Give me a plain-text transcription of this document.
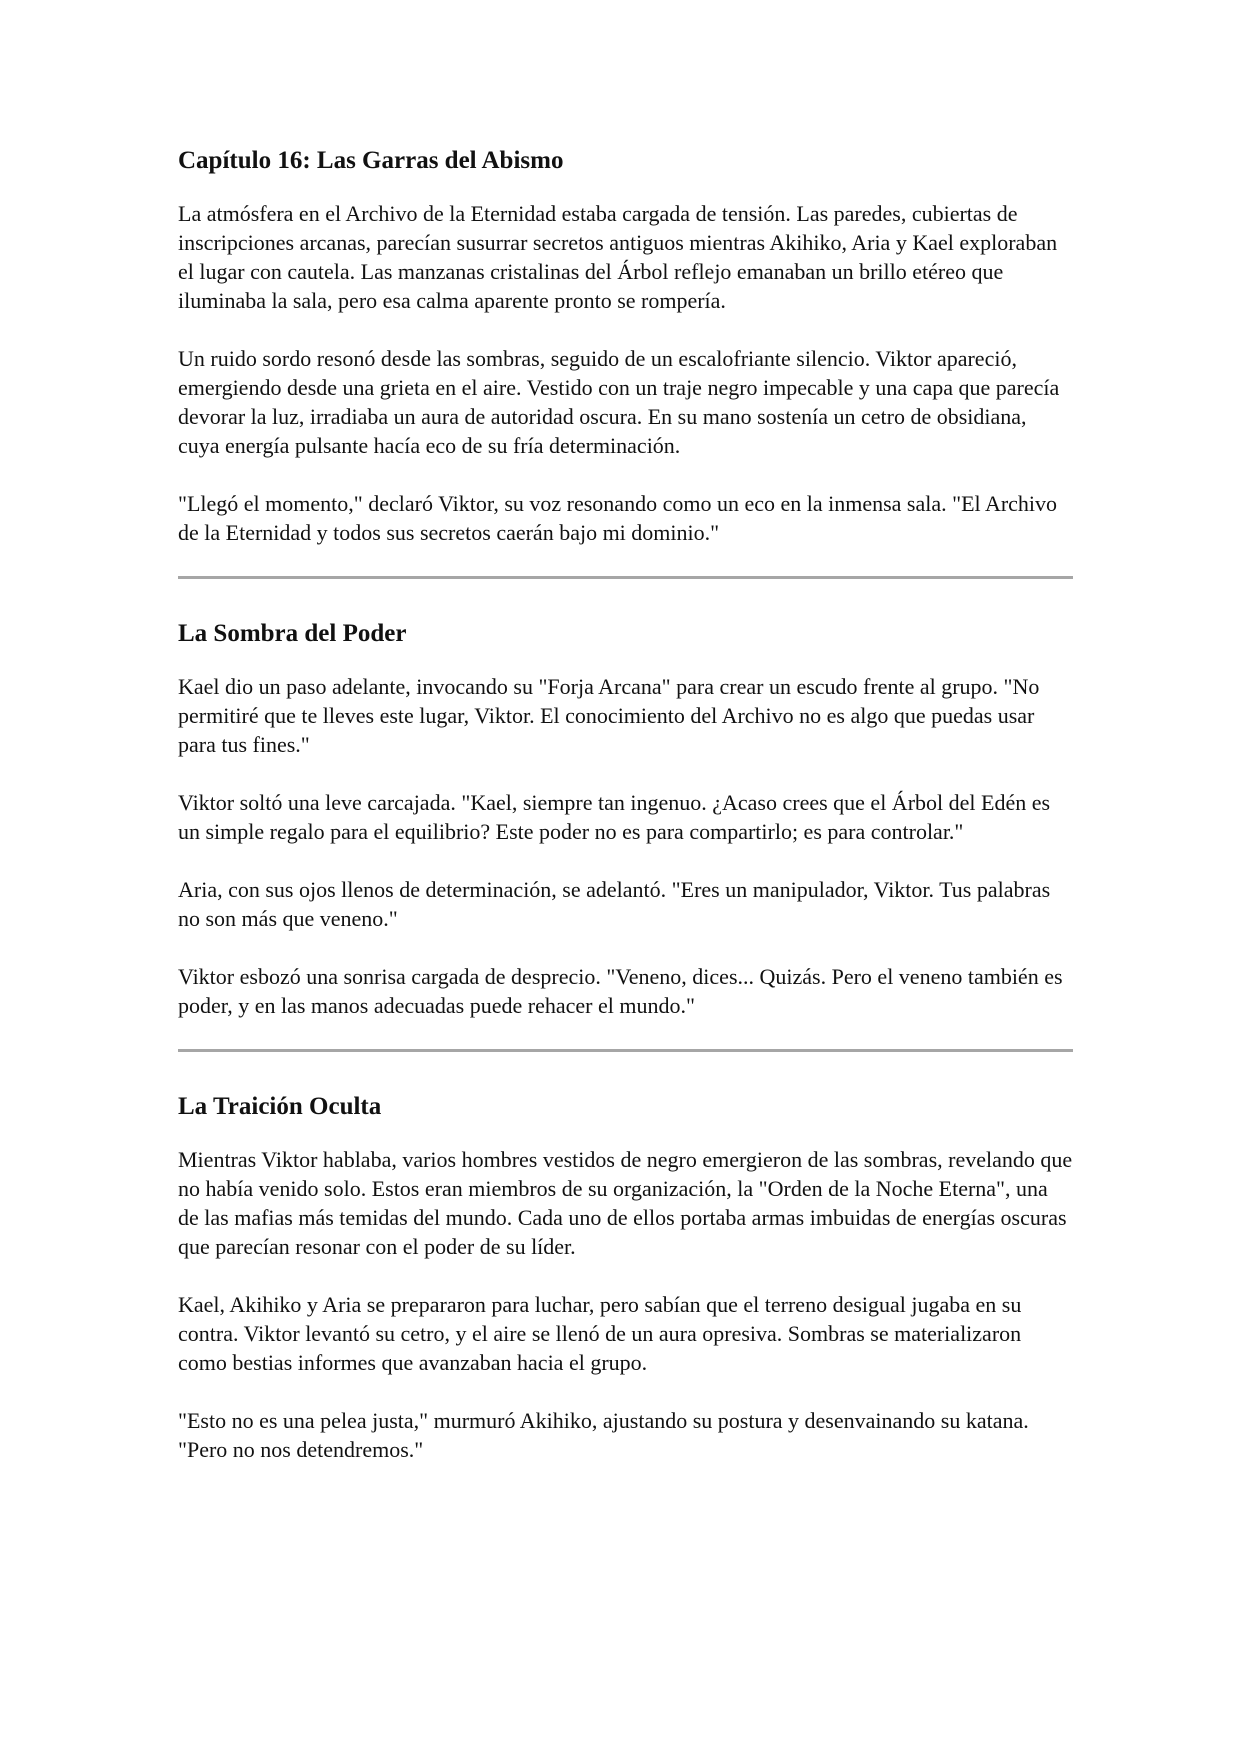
Capítulo 16: Las Garras del Abismo

La atmósfera en el Archivo de la Eternidad estaba cargada de tensión. Las paredes, cubiertas de inscripciones arcanas, parecían susurrar secretos antiguos mientras Akihiko, Aria y Kael exploraban el lugar con cautela. Las manzanas cristalinas del Árbol reflejo emanaban un brillo etéreo que iluminaba la sala, pero esa calma aparente pronto se rompería.

Un ruido sordo resonó desde las sombras, seguido de un escalofriante silencio. Viktor apareció, emergiendo desde una grieta en el aire. Vestido con un traje negro impecable y una capa que parecía devorar la luz, irradiaba un aura de autoridad oscura. En su mano sostenía un cetro de obsidiana, cuya energía pulsante hacía eco de su fría determinación.

"Llegó el momento," declaró Viktor, su voz resonando como un eco en la inmensa sala. "El Archivo de la Eternidad y todos sus secretos caerán bajo mi dominio."

La Sombra del Poder

Kael dio un paso adelante, invocando su "Forja Arcana" para crear un escudo frente al grupo. "No permitiré que te lleves este lugar, Viktor. El conocimiento del Archivo no es algo que puedas usar para tus fines."

Viktor soltó una leve carcajada. "Kael, siempre tan ingenuo. ¿Acaso crees que el Árbol del Edén es un simple regalo para el equilibrio? Este poder no es para compartirlo; es para controlar."

Aria, con sus ojos llenos de determinación, se adelantó. "Eres un manipulador, Viktor. Tus palabras no son más que veneno."

Viktor esbozó una sonrisa cargada de desprecio. "Veneno, dices... Quizás. Pero el veneno también es poder, y en las manos adecuadas puede rehacer el mundo."

La Traición Oculta

Mientras Viktor hablaba, varios hombres vestidos de negro emergieron de las sombras, revelando que no había venido solo. Estos eran miembros de su organización, la "Orden de la Noche Eterna", una de las mafias más temidas del mundo. Cada uno de ellos portaba armas imbuidas de energías oscuras que parecían resonar con el poder de su líder.

Kael, Akihiko y Aria se prepararon para luchar, pero sabían que el terreno desigual jugaba en su contra. Viktor levantó su cetro, y el aire se llenó de un aura opresiva. Sombras se materializaron como bestias informes que avanzaban hacia el grupo.

"Esto no es una pelea justa," murmuró Akihiko, ajustando su postura y desenvainando su katana. "Pero no nos detendremos."
